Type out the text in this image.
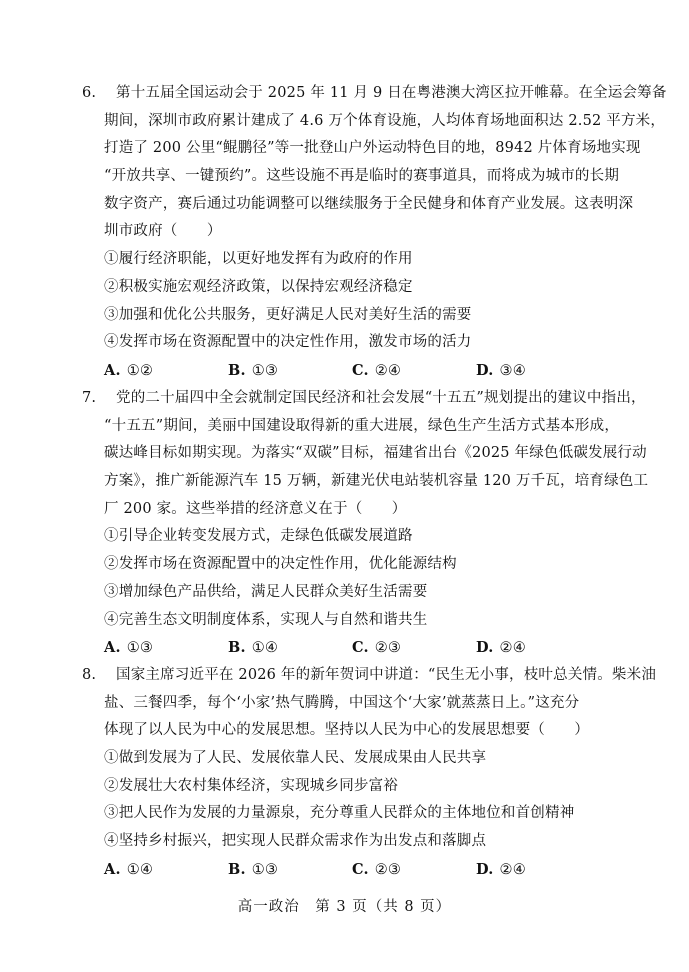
6. 第十五届全国运动会于 2025 年 11 月 9 日在粤港澳大湾区拉开帷幕。在全运会筹备
期间，深圳市政府累计建成了 4.6 万个体育设施，人均体育场地面积达 2.52 平方米，
打造了 200 公里“鲲鹏径”等一批登山户外运动特色目的地，8942 片体育场地实现
“开放共享、一键预约”。这些设施不再是临时的赛事道具，而将成为城市的长期
数字资产，赛后通过功能调整可以继续服务于全民健身和体育产业发展。这表明深
圳市政府（　　）
①履行经济职能，以更好地发挥有为政府的作用
②积极实施宏观经济政策，以保持宏观经济稳定
③加强和优化公共服务，更好满足人民对美好生活的需要
④发挥市场在资源配置中的决定性作用，激发市场的活力
A. ①②	B. ①③	C. ②④	D. ③④
7. 党的二十届四中全会就制定国民经济和社会发展“十五五”规划提出的建议中指出，
“十五五”期间，美丽中国建设取得新的重大进展，绿色生产生活方式基本形成，
碳达峰目标如期实现。为落实“双碳”目标，福建省出台《2025 年绿色低碳发展行动
方案》，推广新能源汽车 15 万辆，新建光伏电站装机容量 120 万千瓦，培育绿色工
厂 200 家。这些举措的经济意义在于（　　）
①引导企业转变发展方式，走绿色低碳发展道路
②发挥市场在资源配置中的决定性作用，优化能源结构
③增加绿色产品供给，满足人民群众美好生活需要
④完善生态文明制度体系，实现人与自然和谐共生
A. ①③	B. ①④	C. ②③	D. ②④
8. 国家主席习近平在 2026 年的新年贺词中讲道：“民生无小事，枝叶总关情。柴米油
盐、三餐四季，每个‘小家’热气腾腾，中国这个‘大家’就蒸蒸日上。”这充分
体现了以人民为中心的发展思想。坚持以人民为中心的发展思想要（　　）
①做到发展为了人民、发展依靠人民、发展成果由人民共享
②发展壮大农村集体经济，实现城乡同步富裕
③把人民作为发展的力量源泉，充分尊重人民群众的主体地位和首创精神
④坚持乡村振兴，把实现人民群众需求作为出发点和落脚点
A. ①④	B. ①③	C. ②③	D. ②④
高一政治　第 3 页（共 8 页）
